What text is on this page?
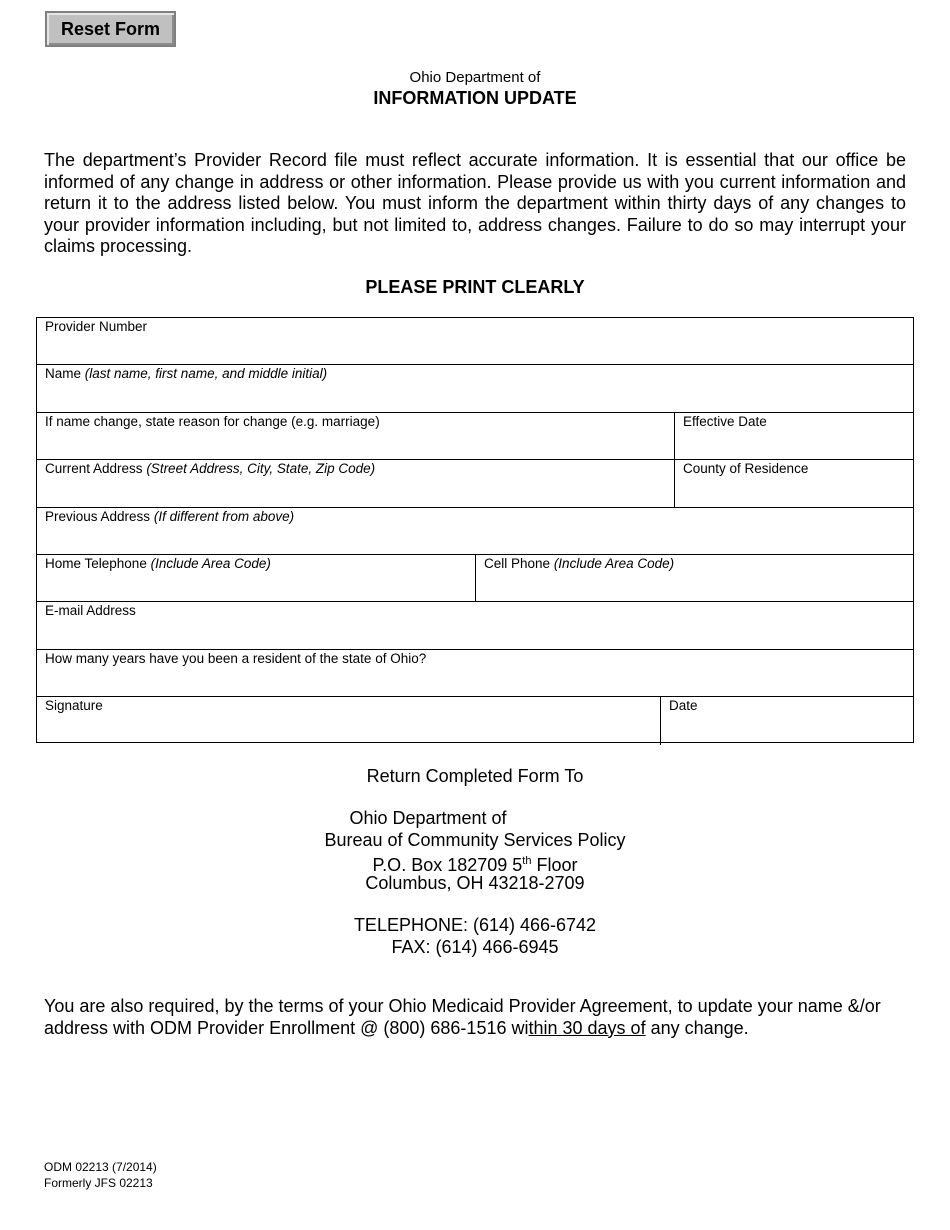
Reset Form
Ohio Department of
INFORMATION UPDATE
The department’s Provider Record file must reflect accurate information. It is essential that our office be informed of any change in address or other information. Please provide us with you current information and return it to the address listed below. You must inform the department within thirty days of any changes to your provider information including, but not limited to, address changes. Failure to do so may interrupt your claims processing.
PLEASE PRINT CLEARLY
Provider Number
Name (last name, first name, and middle initial)
If name change, state reason for change (e.g. marriage)	Effective Date
Current Address (Street Address, City, State, Zip Code)	County of Residence
Previous Address (If different from above)
Home Telephone (Include Area Code)	Cell Phone (Include Area Code)
E-mail Address
How many years have you been a resident of the state of Ohio?
Signature	Date
Return Completed Form To
Ohio Department of
Bureau of Community Services Policy
P.O. Box 182709 5th Floor
Columbus, OH 43218-2709
TELEPHONE: (614) 466-6742
FAX: (614) 466-6945
You are also required, by the terms of your Ohio Medicaid Provider Agreement, to update your name &/or address with ODM Provider Enrollment @ (800) 686-1516 within 30 days of any change.
ODM 02213 (7/2014)
Formerly JFS 02213
